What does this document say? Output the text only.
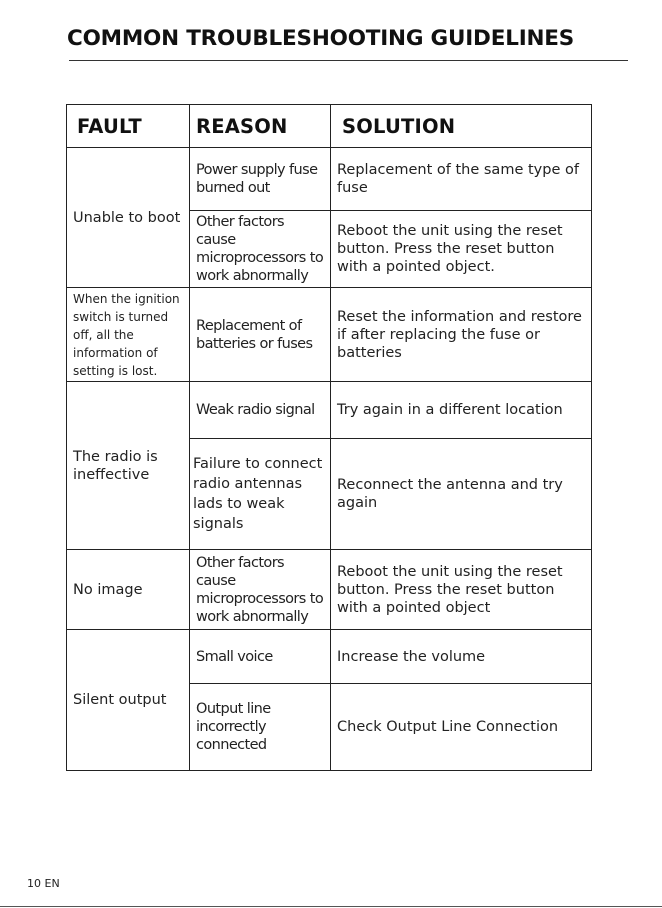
COMMON TROUBLESHOOTING GUIDELINES
FAULT	REASON	SOLUTION
Unable to boot	Power supply fuse burned out	Replacement of the same type of fuse
	Other factors cause microprocessors to work abnormally	Reboot the unit using the reset button. Press the reset button with a pointed object.
When the ignition switch is turned off, all the information of setting is lost.	Replacement of batteries or fuses	Reset the information and restore if after replacing the fuse or batteries
The radio is ineffective	Weak radio signal	Try again in a different location

	Failure to connect radio antennas lads to weak signals	Reconnect the antenna and try again
No image	Other factors cause microprocessors to work abnormally	Reboot the unit using the reset button. Press the reset button with a pointed object
Silent output	Small voice	Increase the volume
	Output line incorrectly connected	Check Output Line Connection
10 EN
